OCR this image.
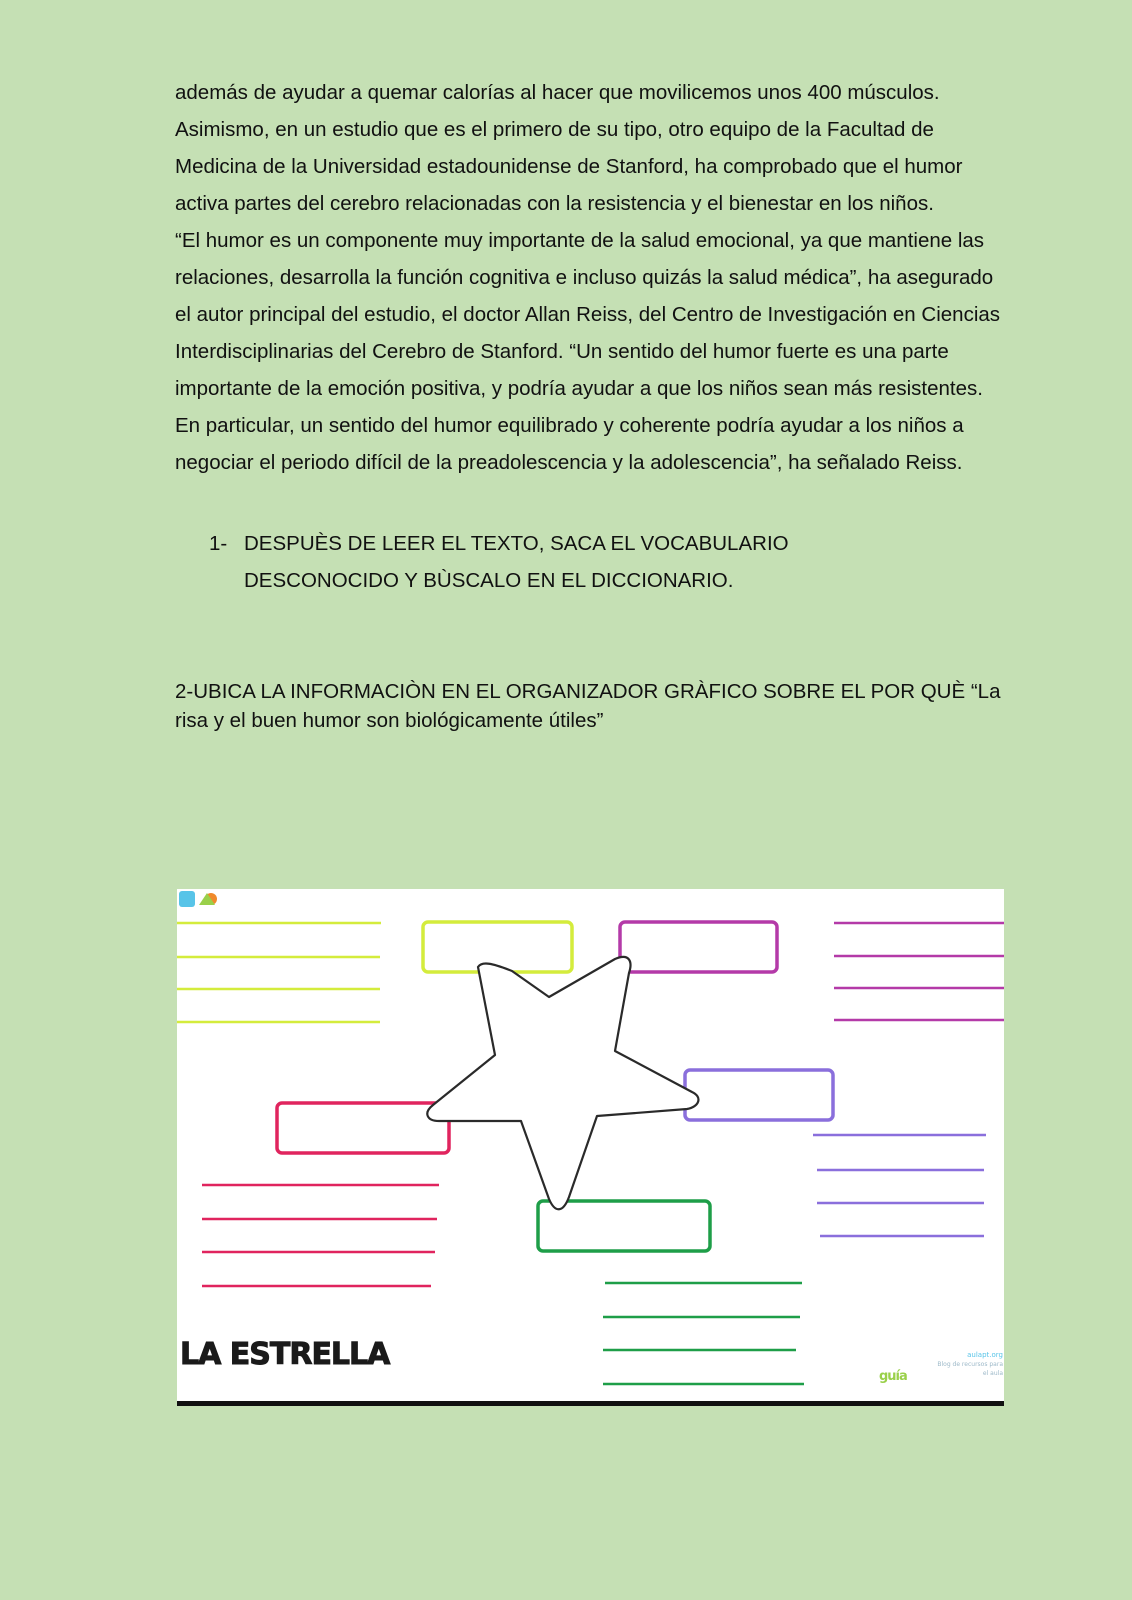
además de ayudar a quemar calorías al hacer que movilicemos unos 400 músculos.

Asimismo, en un estudio que es el primero de su tipo, otro equipo de la Facultad de Medicina de la Universidad estadounidense de Stanford, ha comprobado que el humor activa partes del cerebro relacionadas con la resistencia y el bienestar en los niños.

“El humor es un componente muy importante de la salud emocional, ya que mantiene las relaciones, desarrolla la función cognitiva e incluso quizás la salud médica”, ha asegurado el autor principal del estudio, el doctor Allan Reiss, del Centro de Investigación en Ciencias Interdisciplinarias del Cerebro de Stanford. “Un sentido del humor fuerte es una parte importante de la emoción positiva, y podría ayudar a que los niños sean más resistentes. En particular, un sentido del humor equilibrado y coherente podría ayudar a los niños a negociar el periodo difícil de la preadolescencia y la adolescencia”, ha señalado Reiss.

1- DESPUÈS DE LEER EL TEXTO, SACA EL VOCABULARIO DESCONOCIDO Y BÙSCALO EN EL DICCIONARIO.

2-UBICA LA INFORMACIÒN EN EL ORGANIZADOR GRÀFICO SOBRE EL POR QUÈ “La risa y el buen humor son biológicamente útiles”

LA ESTRELLA
guía
aulapt.org
Blog de recursos para el aula
